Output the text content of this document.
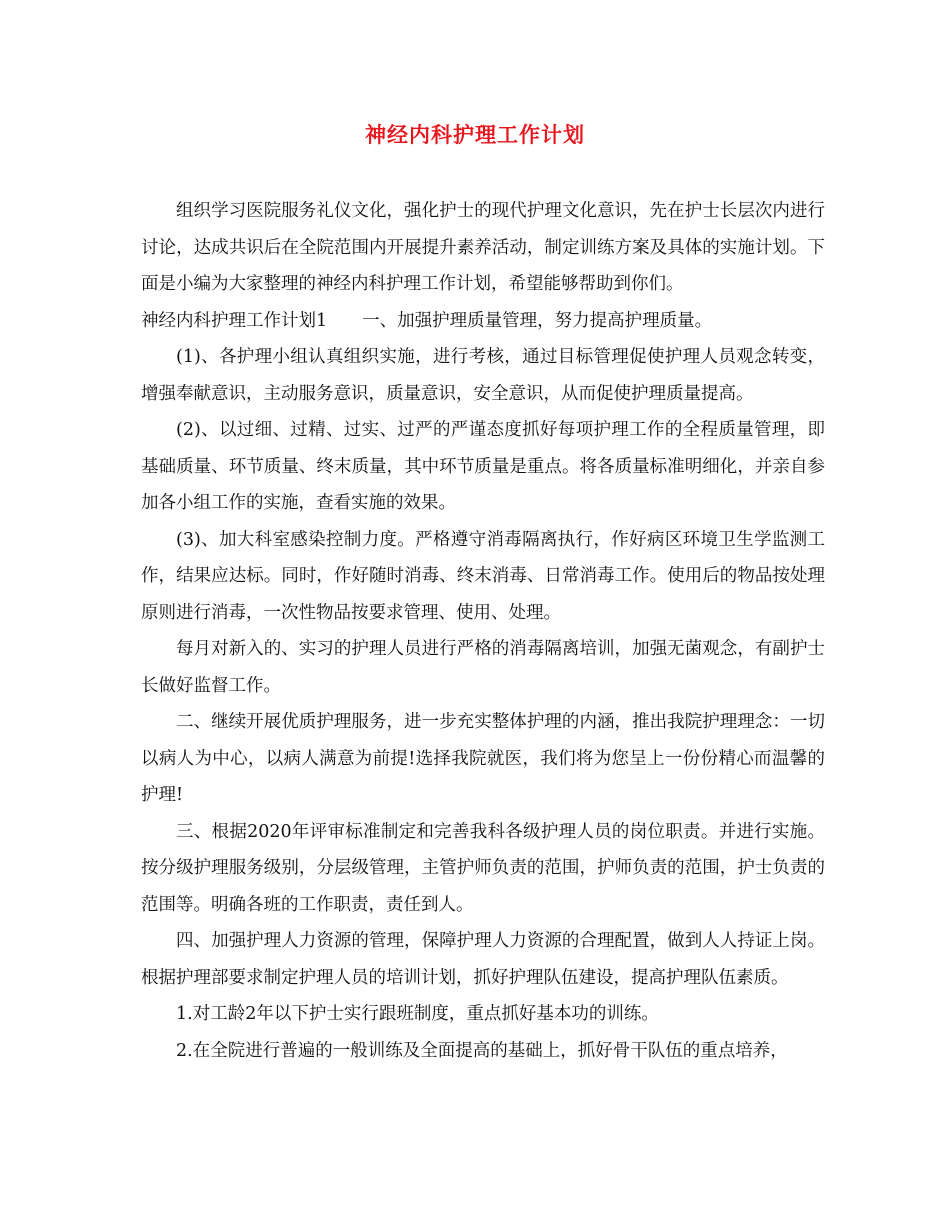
神经内科护理工作计划

组织学习医院服务礼仪文化，强化护士的现代护理文化意识，先在护士长层次内进行讨论，达成共识后在全院范围内开展提升素养活动，制定训练方案及具体的实施计划。下面是小编为大家整理的神经内科护理工作计划，希望能够帮助到你们。

神经内科护理工作计划1　　一、加强护理质量管理，努力提高护理质量。

(1)、各护理小组认真组织实施，进行考核，通过目标管理促使护理人员观念转变，增强奉献意识，主动服务意识，质量意识，安全意识，从而促使护理质量提高。

(2)、以过细、过精、过实、过严的严谨态度抓好每项护理工作的全程质量管理，即基础质量、环节质量、终末质量，其中环节质量是重点。将各质量标准明细化，并亲自参加各小组工作的实施，查看实施的效果。

(3)、加大科室感染控制力度。严格遵守消毒隔离执行，作好病区环境卫生学监测工作，结果应达标。同时，作好随时消毒、终末消毒、日常消毒工作。使用后的物品按处理原则进行消毒，一次性物品按要求管理、使用、处理。

每月对新入的、实习的护理人员进行严格的消毒隔离培训，加强无菌观念，有副护士长做好监督工作。

二、继续开展优质护理服务，进一步充实整体护理的内涵，推出我院护理理念：一切以病人为中心，以病人满意为前提!选择我院就医，我们将为您呈上一份份精心而温馨的护理!

三、根据2020年评审标准制定和完善我科各级护理人员的岗位职责。并进行实施。按分级护理服务级别，分层级管理，主管护师负责的范围，护师负责的范围，护士负责的范围等。明确各班的工作职责，责任到人。

四、加强护理人力资源的管理，保障护理人力资源的合理配置，做到人人持证上岗。根据护理部要求制定护理人员的培训计划，抓好护理队伍建设，提高护理队伍素质。

1.对工龄2年以下护士实行跟班制度，重点抓好基本功的训练。

2.在全院进行普遍的一般训练及全面提高的基础上，抓好骨干队伍的重点培养，
